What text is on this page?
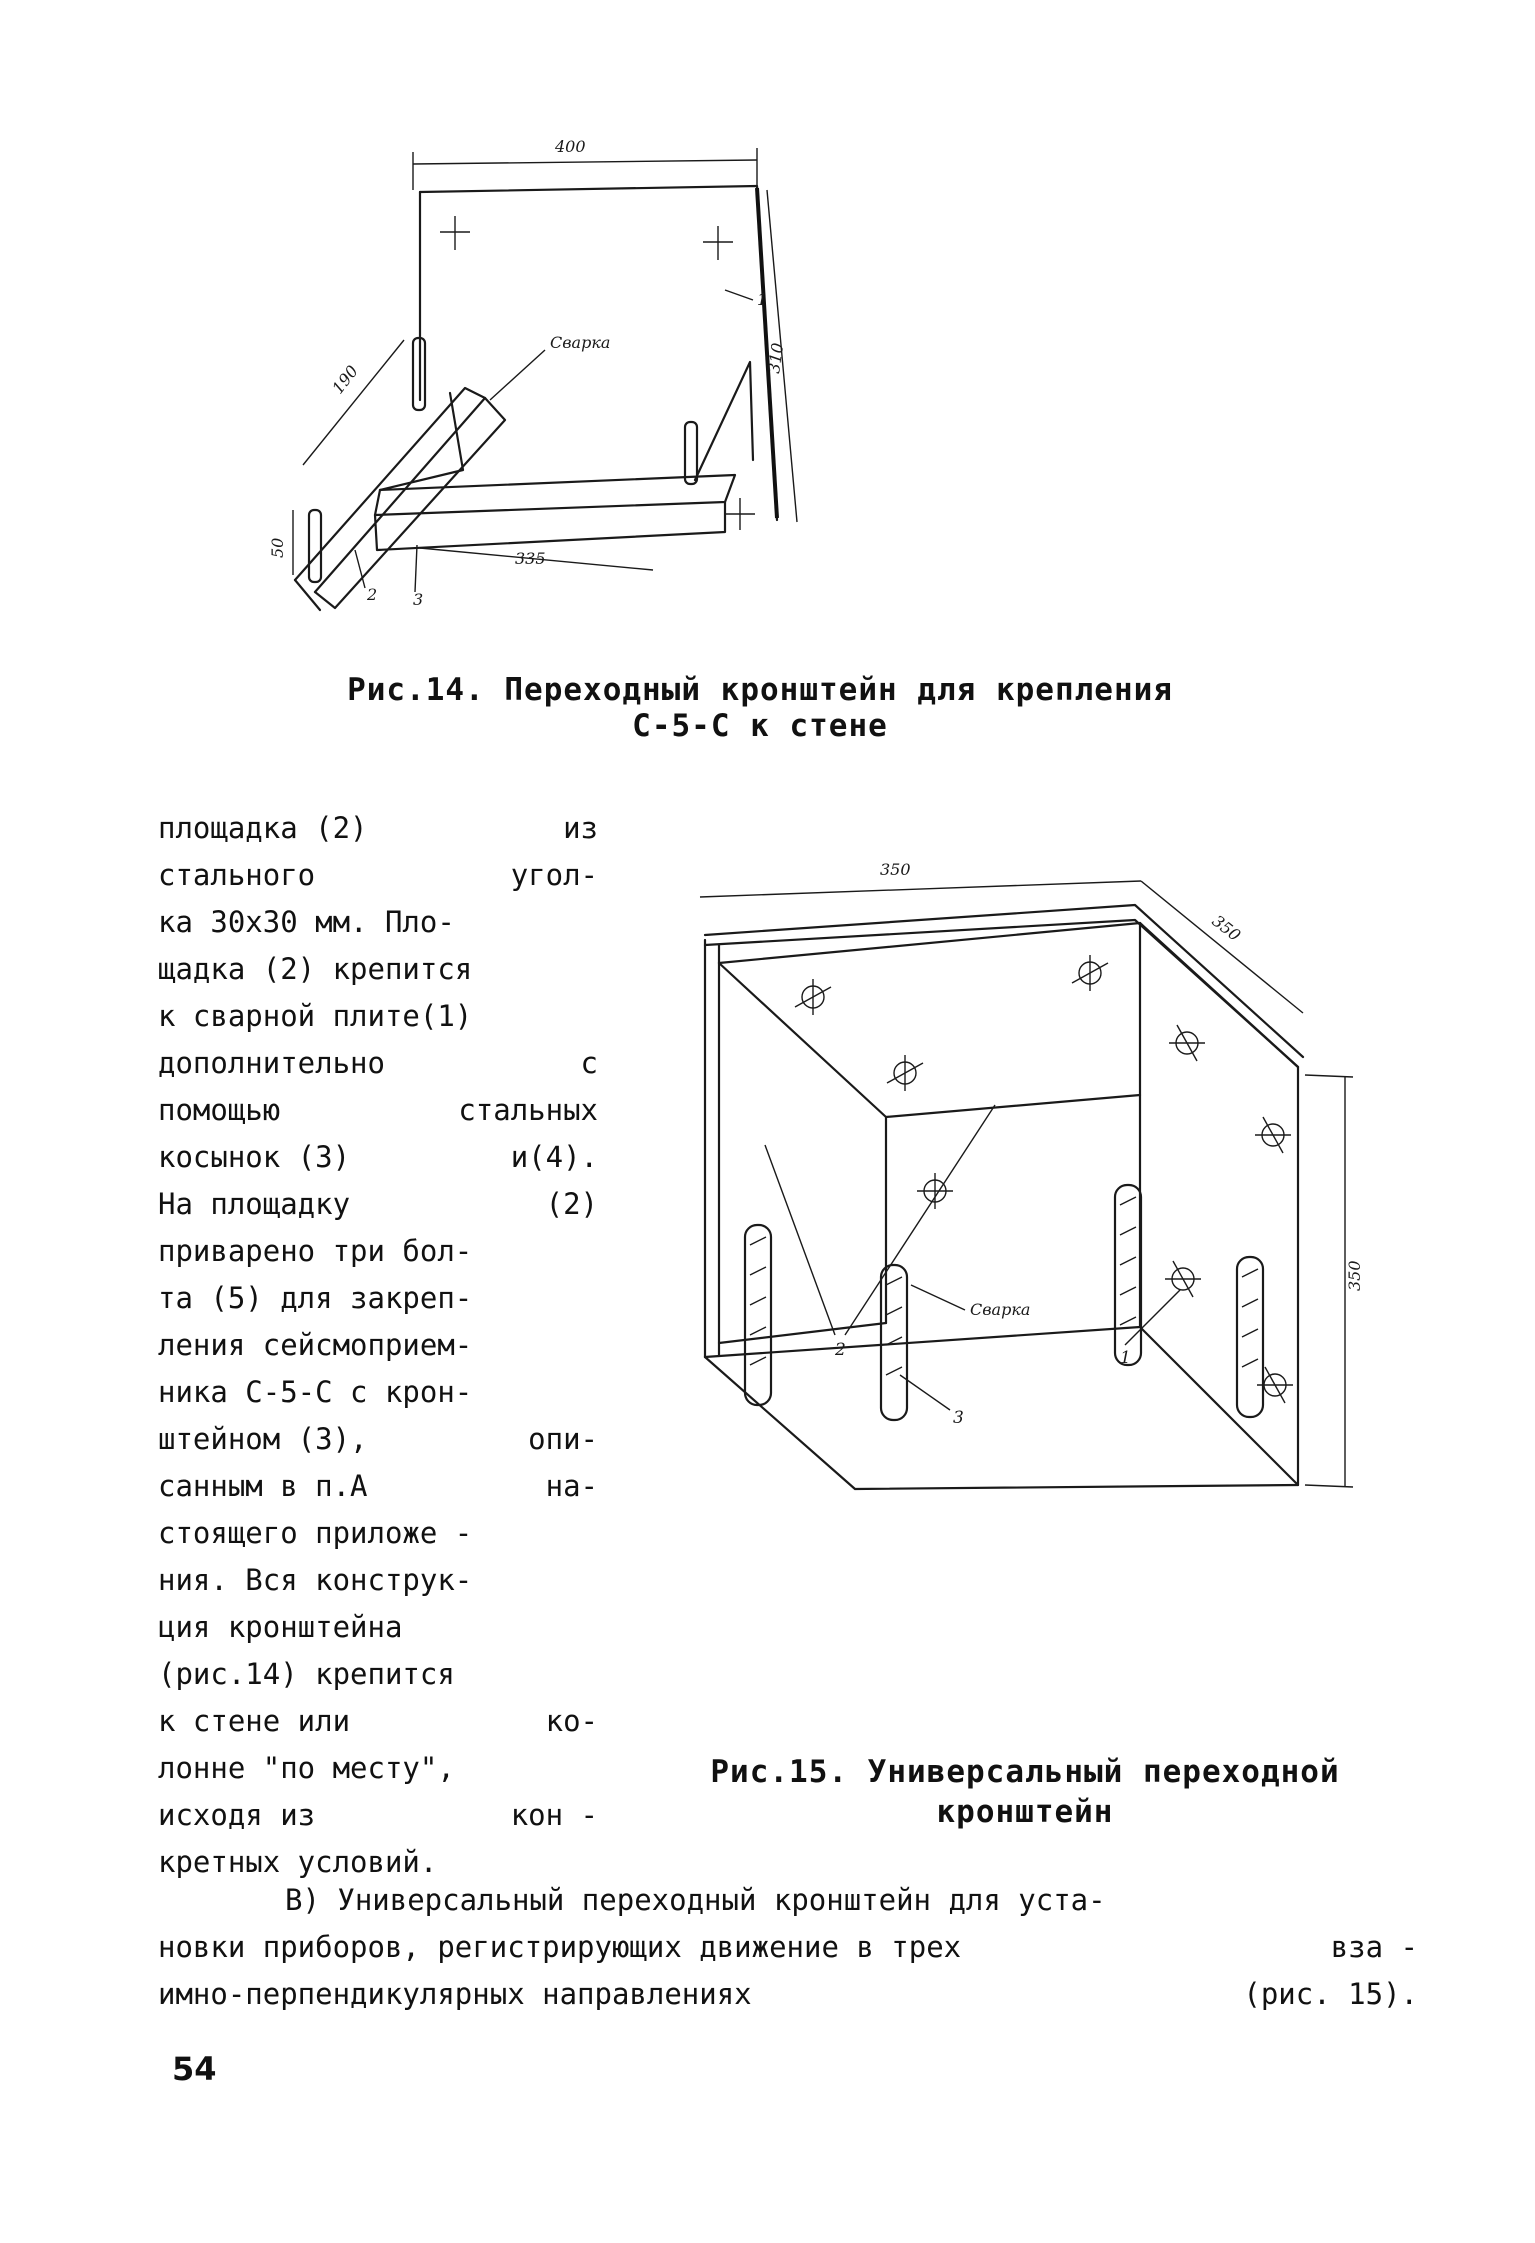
400
310
190
50
335
Сварка
1
2 3
Рис.14. Переходный кронштейн для крепления
С-5-С к стене
350
350
350
Сварка
2
3
1
Рис.15. Универсальный переходной
кронштейн
площадка (2)	из
стального	угол-
ка 30х30 мм. Пло-
щадка (2) крепится
к сварной плите(1)
дополнительно	с
помощью	стальных
косынок (3)	и(4).
На площадку	(2)
приварено три бол-
та (5) для закреп-
ления сейсмоприем-
ника С-5-С с крон-
штейном (3),	опи-
санным в п.А	на-
стоящего приложе -
ния. Вся конструк-
ция кронштейна
(рис.14) крепится
к стене или	ко-
лонне "по месту",
исходя из	кон -
кретных условий.
В) Универсальный переходный кронштейн для уста-
новки приборов, регистрирующих движение в трех	вза -
имно-перпендикулярных направлениях	(рис. 15).
54
